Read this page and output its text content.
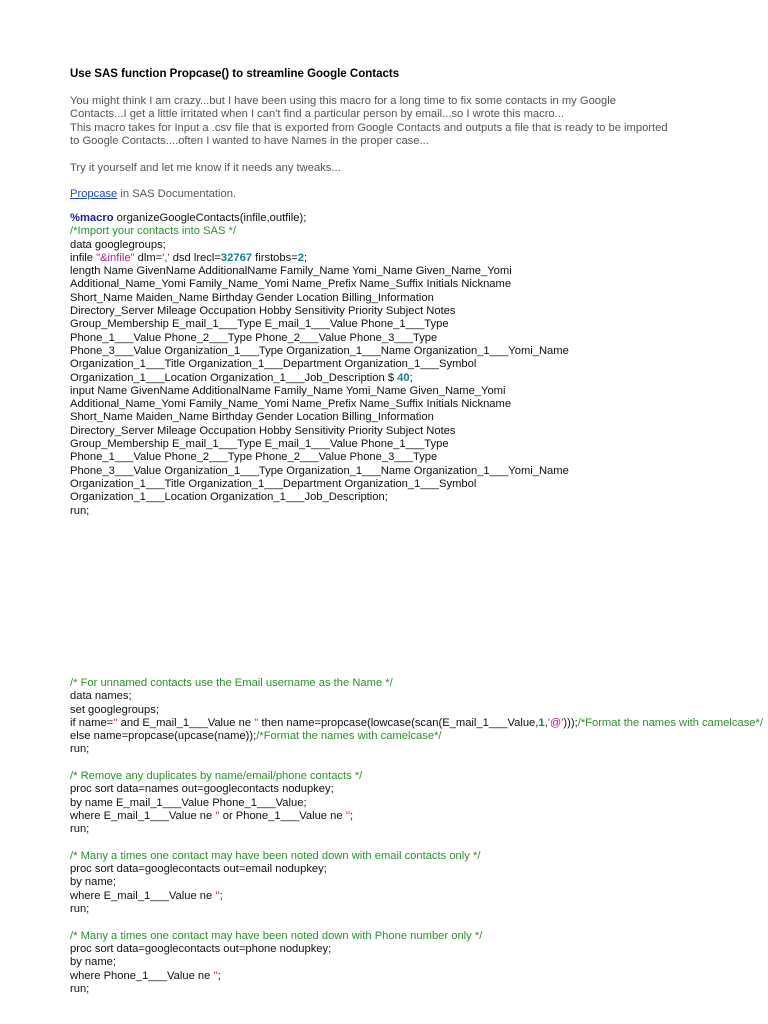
Use SAS function Propcase() to streamline Google Contacts

You might think I am crazy...but I have been using this macro for a long time to fix some contacts in my Google
Contacts...I get a little irritated when I can't find a particular person by email...so I wrote this macro...
This macro takes for Input a .csv file that is exported from Google Contacts and outputs a file that is ready to be imported
to Google Contacts....often I wanted to have Names in the proper case...

Try it yourself and let me know if it needs any tweaks...

Propcase in SAS Documentation.

%macro organizeGoogleContacts(infile,outfile);
/*Import your contacts into SAS */
data googlegroups;
infile "&infile" dlm=',' dsd lrecl=32767 firstobs=2;
length Name GivenName AdditionalName Family_Name Yomi_Name Given_Name_Yomi
Additional_Name_Yomi Family_Name_Yomi Name_Prefix Name_Suffix Initials Nickname
Short_Name Maiden_Name Birthday Gender Location Billing_Information
Directory_Server Mileage Occupation Hobby Sensitivity Priority Subject Notes
Group_Membership E_mail_1___Type E_mail_1___Value Phone_1___Type
Phone_1___Value Phone_2___Type Phone_2___Value Phone_3___Type
Phone_3___Value Organization_1___Type Organization_1___Name Organization_1___Yomi_Name
Organization_1___Title Organization_1___Department Organization_1___Symbol
Organization_1___Location Organization_1___Job_Description $ 40;
input Name GivenName AdditionalName Family_Name Yomi_Name Given_Name_Yomi
Additional_Name_Yomi Family_Name_Yomi Name_Prefix Name_Suffix Initials Nickname
Short_Name Maiden_Name Birthday Gender Location Billing_Information
Directory_Server Mileage Occupation Hobby Sensitivity Priority Subject Notes
Group_Membership E_mail_1___Type E_mail_1___Value Phone_1___Type
Phone_1___Value Phone_2___Type Phone_2___Value Phone_3___Type
Phone_3___Value Organization_1___Type Organization_1___Name Organization_1___Yomi_Name
Organization_1___Title Organization_1___Department Organization_1___Symbol
Organization_1___Location Organization_1___Job_Description;
run;
/* For unnamed contacts use the Email username as the Name */
data names;
set googlegroups;
if name='' and E_mail_1___Value ne '' then name=propcase(lowcase(scan(E_mail_1___Value,1,'@')));/*Format the names with camelcase*/
else name=propcase(upcase(name));/*Format the names with camelcase*/
run;
/* Remove any duplicates by name/email/phone contacts */
proc sort data=names out=googlecontacts nodupkey;
by name E_mail_1___Value Phone_1___Value;
where E_mail_1___Value ne '' or Phone_1___Value ne '';
run;
/* Many a times one contact may have been noted down with email contacts only */
proc sort data=googlecontacts out=email nodupkey;
by name;
where E_mail_1___Value ne '';
run;
/* Many a times one contact may have been noted down with Phone number only */
proc sort data=googlecontacts out=phone nodupkey;
by name;
where Phone_1___Value ne '';
run;
